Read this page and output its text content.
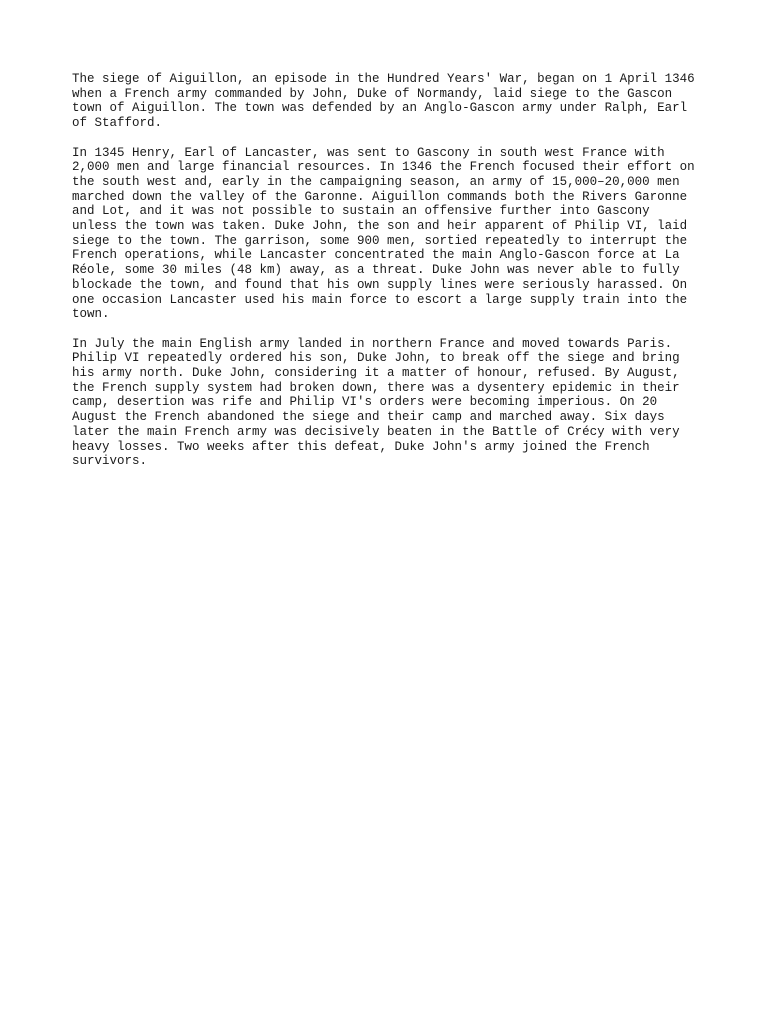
The siege of Aiguillon, an episode in the Hundred Years' War, began on 1 April 1346
when a French army commanded by John, Duke of Normandy, laid siege to the Gascon
town of Aiguillon. The town was defended by an Anglo-Gascon army under Ralph, Earl
of Stafford.

In 1345 Henry, Earl of Lancaster, was sent to Gascony in south west France with
2,000 men and large financial resources. In 1346 the French focused their effort on
the south west and, early in the campaigning season, an army of 15,000–20,000 men
marched down the valley of the Garonne. Aiguillon commands both the Rivers Garonne
and Lot, and it was not possible to sustain an offensive further into Gascony
unless the town was taken. Duke John, the son and heir apparent of Philip VI, laid
siege to the town. The garrison, some 900 men, sortied repeatedly to interrupt the
French operations, while Lancaster concentrated the main Anglo-Gascon force at La
Réole, some 30 miles (48 km) away, as a threat. Duke John was never able to fully
blockade the town, and found that his own supply lines were seriously harassed. On
one occasion Lancaster used his main force to escort a large supply train into the
town.

In July the main English army landed in northern France and moved towards Paris.
Philip VI repeatedly ordered his son, Duke John, to break off the siege and bring
his army north. Duke John, considering it a matter of honour, refused. By August,
the French supply system had broken down, there was a dysentery epidemic in their
camp, desertion was rife and Philip VI's orders were becoming imperious. On 20
August the French abandoned the siege and their camp and marched away. Six days
later the main French army was decisively beaten in the Battle of Crécy with very
heavy losses. Two weeks after this defeat, Duke John's army joined the French
survivors.
